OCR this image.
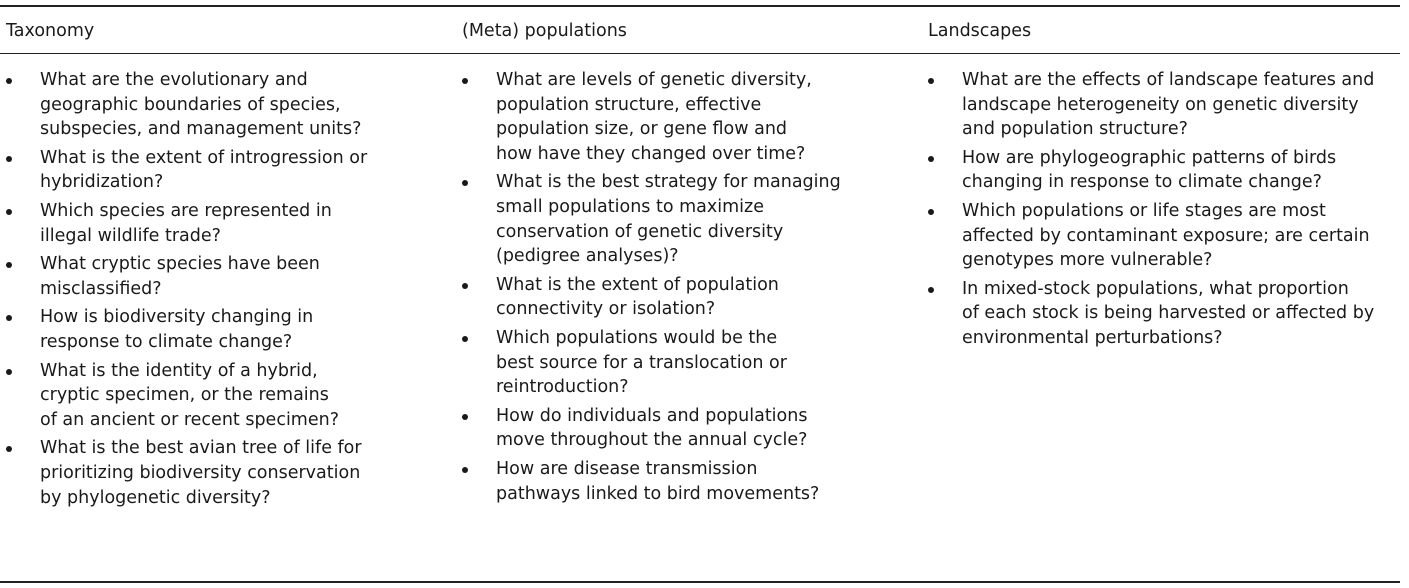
Taxonomy
What are the evolutionary and
geographic boundaries of species,
subspecies, and management units?
What is the extent of introgression or
hybridization?
Which species are represented in
illegal wildlife trade?
What cryptic species have been
misclassified?
How is biodiversity changing in
response to climate change?
What is the identity of a hybrid,
cryptic specimen, or the remains
of an ancient or recent specimen?
What is the best avian tree of life for
prioritizing biodiversity conservation
by phylogenetic diversity?
(Meta) populations
What are levels of genetic diversity,
population structure, effective
population size, or gene flow and
how have they changed over time?
What is the best strategy for managing
small populations to maximize
conservation of genetic diversity
(pedigree analyses)?
What is the extent of population
connectivity or isolation?
Which populations would be the
best source for a translocation or
reintroduction?
How do individuals and populations
move throughout the annual cycle?
How are disease transmission
pathways linked to bird movements?
Landscapes
What are the effects of landscape features and
landscape heterogeneity on genetic diversity
and population structure?
How are phylogeographic patterns of birds
changing in response to climate change?
Which populations or life stages are most
affected by contaminant exposure; are certain
genotypes more vulnerable?
In mixed-stock populations, what proportion
of each stock is being harvested or affected by
environmental perturbations?
